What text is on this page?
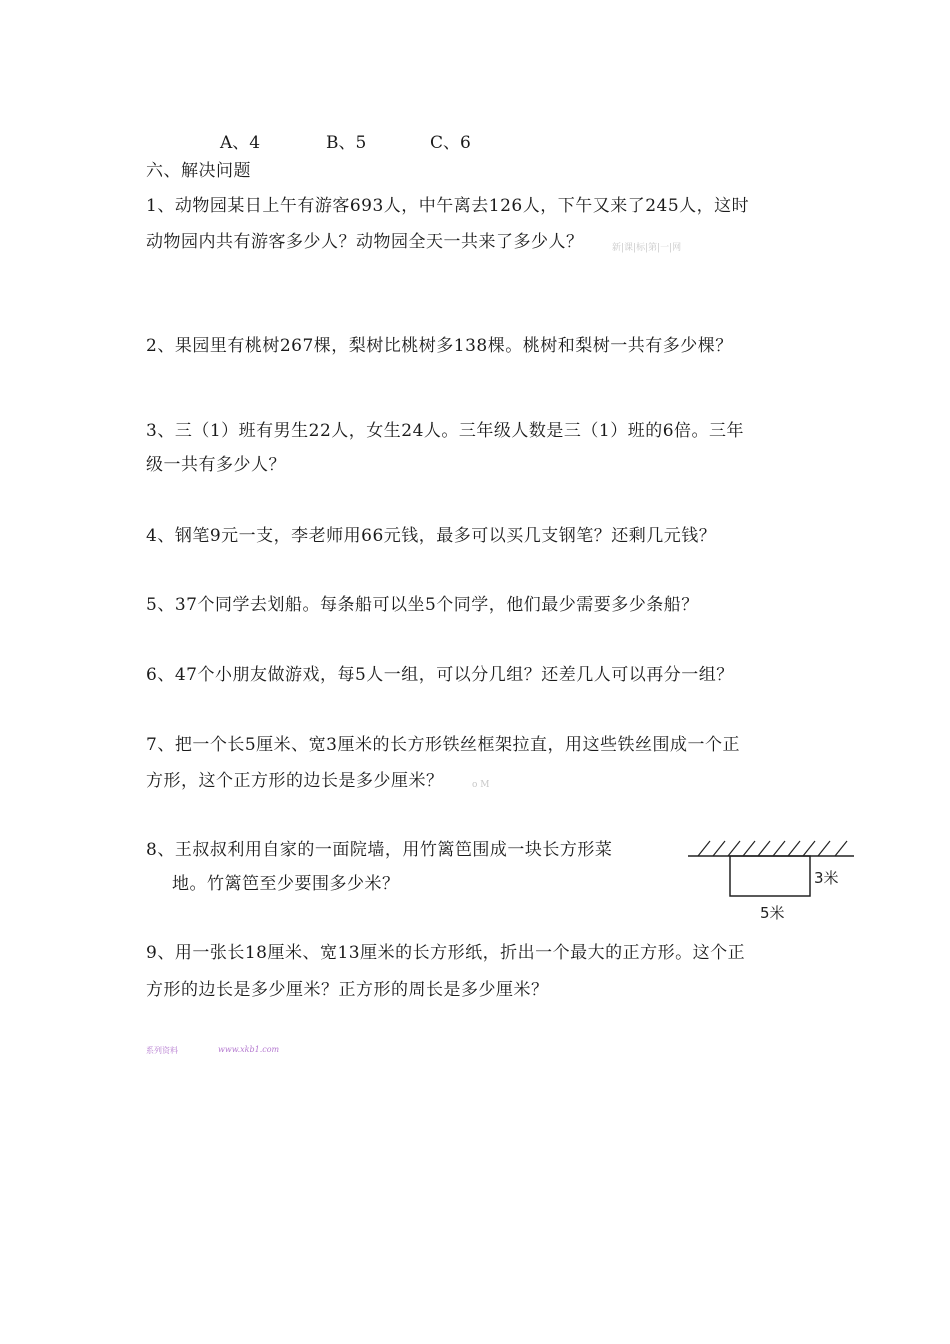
A、4	B、5	C、6
六、解决问题
1、动物园某日上午有游客693人，中午离去126人，下午又来了245人，这时
动物园内共有游客多少人？动物园全天一共来了多少人？	新|课|标|第|一|网
2、果园里有桃树267棵，梨树比桃树多138棵。桃树和梨树一共有多少棵？
3、三（1）班有男生22人，女生24人。三年级人数是三（1）班的6倍。三年
级一共有多少人？
4、钢笔9元一支，李老师用66元钱，最多可以买几支钢笔？还剩几元钱？
5、37个同学去划船。每条船可以坐5个同学，他们最少需要多少条船？
6、47个小朋友做游戏，每5人一组，可以分几组？还差几人可以再分一组？
7、把一个长5厘米、宽3厘米的长方形铁丝框架拉直，用这些铁丝围成一个正
方形，这个正方形的边长是多少厘米？	o M
8、王叔叔利用自家的一面院墙，用竹篱笆围成一块长方形菜
地。竹篱笆至少要围多少米？	3米
5米
9、用一张长18厘米、宽13厘米的长方形纸，折出一个最大的正方形。这个正
方形的边长是多少厘米？正方形的周长是多少厘米？
系列资料	www.xkb1.com
